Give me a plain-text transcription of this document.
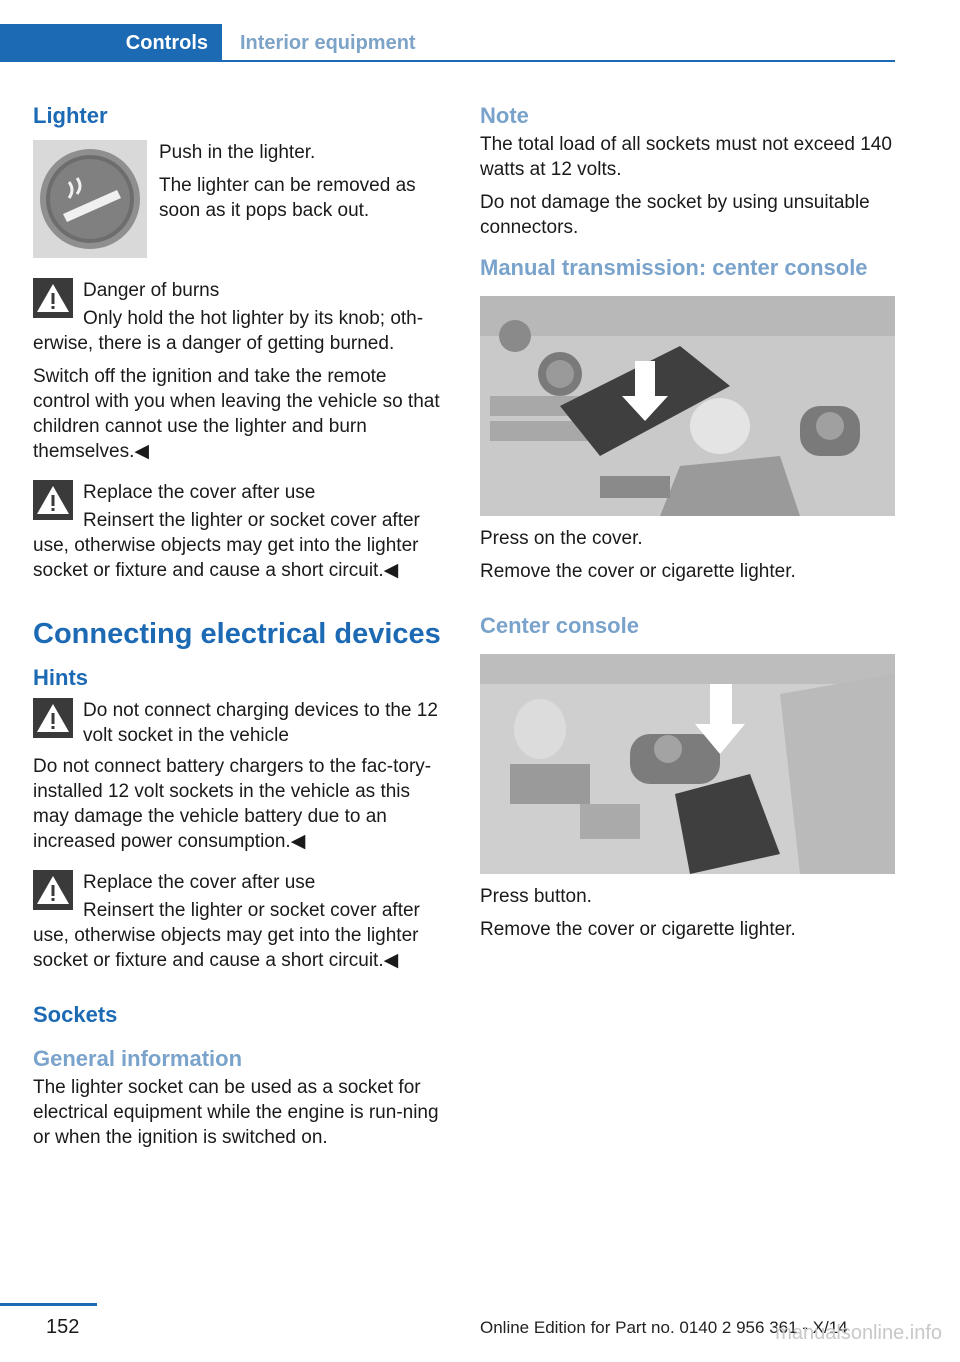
Controls	Interior equipment
Lighter

Push in the lighter.

The lighter can be removed as soon as it pops back out.

Danger of burns

Only hold the hot lighter by its knob; oth‐erwise, there is a danger of getting burned.

Switch off the ignition and take the remote control with you when leaving the vehicle so that children cannot use the lighter and burn themselves.◀

Replace the cover after use

Reinsert the lighter or socket cover after use, otherwise objects may get into the lighter socket or fixture and cause a short circuit.◀

Connecting electrical devices
Hints
Do not connect charging devices to the 12 volt socket in the vehicle

Do not connect battery chargers to the fac‐tory-installed 12 volt sockets in the vehicle as this may damage the vehicle battery due to an increased power consumption.◀

Replace the cover after use

Reinsert the lighter or socket cover after use, otherwise objects may get into the lighter socket or fixture and cause a short circuit.◀

Sockets
General information

The lighter socket can be used as a socket for electrical equipment while the engine is run‐ning or when the ignition is switched on.

Note

The total load of all sockets must not exceed 140 watts at 12 volts.

Do not damage the socket by using unsuitable connectors.

Manual transmission: center console

Press on the cover.

Remove the cover or cigarette lighter.

Center console

Press button.

Remove the cover or cigarette lighter.

152	Online Edition for Part no. 0140 2 956 361 - X/14
manualsonline.info
